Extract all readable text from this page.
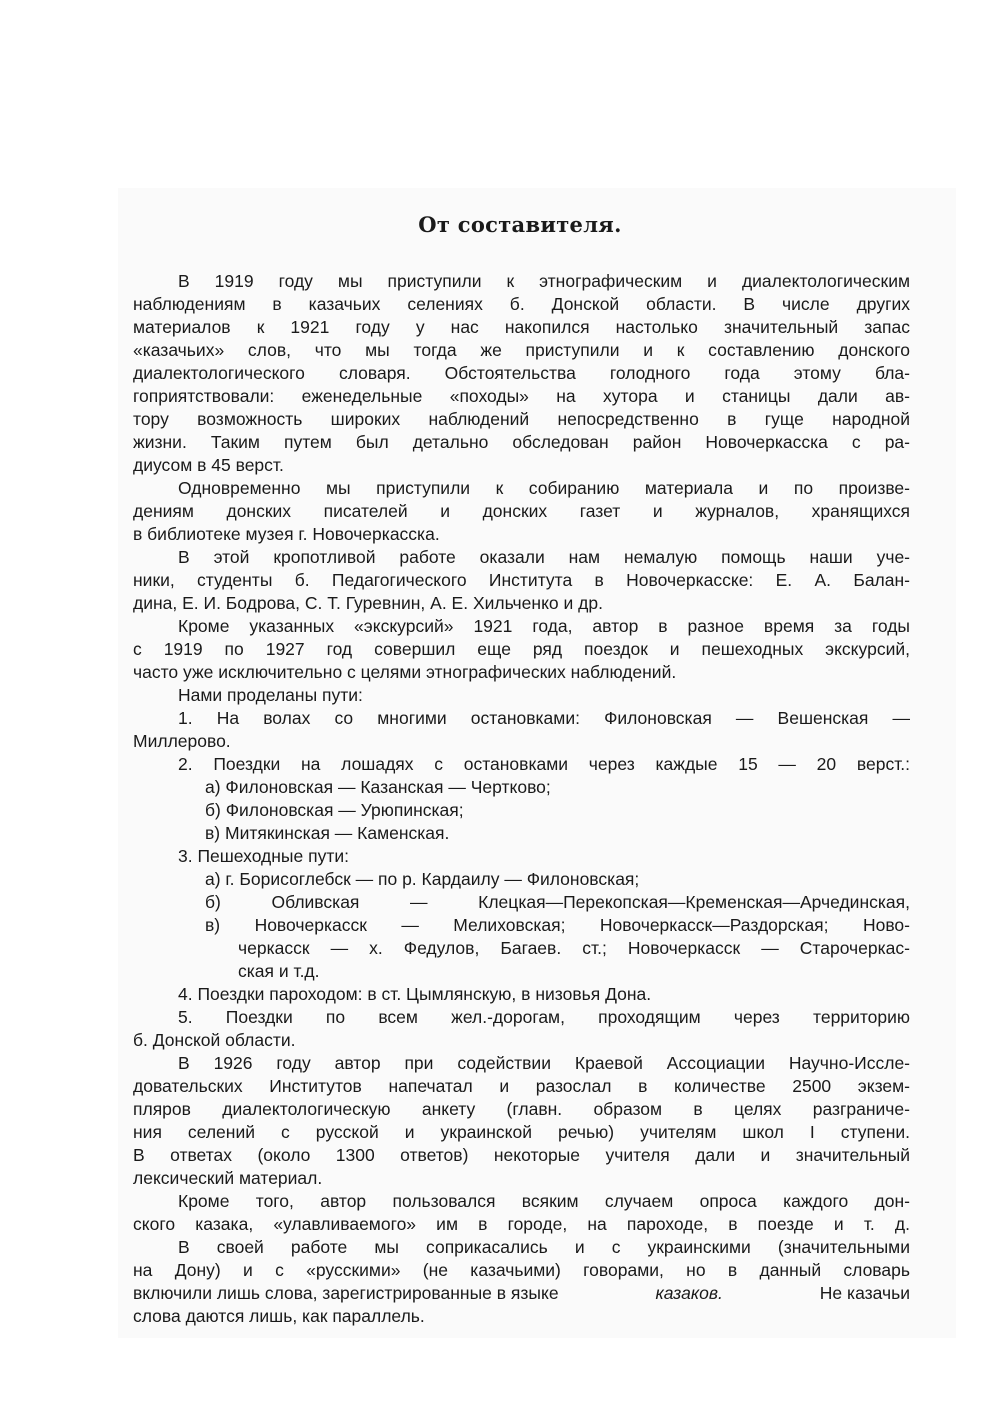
От составителя.
В 1919 году мы приступили к этнографическим и диалектологическим
наблюдениям в казачьих селениях б. Донской области. В числе других
материалов к 1921 году у нас накопился настолько значительный запас
«казачьих» слов, что мы тогда же приступили и к составлению донского
диалектологического словаря. Обстоятельства голодного года этому бла-
гоприятствовали: еженедельные «походы» на хутора и станицы дали ав-
тору возможность широких наблюдений непосредственно в гуще народной
жизни. Таким путем был детально обследован район Новочеркасска с ра-
диусом в 45 верст.
Одновременно мы приступили к собиранию материала и по произве-
дениям донских писателей и донских газет и журналов, хранящихся
в библиотеке музея г. Новочеркасска.
В этой кропотливой работе оказали нам немалую помощь наши уче-
ники, студенты б. Педагогического Института в Новочеркасске: Е. А. Балан-
дина, Е. И. Бодрова, С. Т. Гуревнин, А. Е. Хильченко и др.
Кроме указанных «экскурсий» 1921 года, автор в разное время за годы
с 1919 по 1927 год совершил еще ряд поездок и пешеходных экскурсий,
часто уже исключительно с целями этнографических наблюдений.
Нами проделаны пути:
1. На волах со многими остановками: Филоновская — Вешенская —
Миллерово.
2. Поездки на лошадях с остановками через каждые 15 — 20 верст.:
а) Филоновская — Казанская — Чертково;
б) Филоновская — Урюпинская;
в) Митякинская — Каменская.
3. Пешеходные пути:
а) г. Борисоглебск — по р. Кардаилу — Филоновская;
б) Обливская — Клецкая—Перекопская—Кременская—Арчединская,
в) Новочеркасск — Мелиховская; Новочеркасск—Раздорская; Ново-
черкасск — х. Федулов, Багаев. ст.; Новочеркасск — Старочеркас-
ская и т.д.
4. Поездки пароходом: в ст. Цымлянскую, в низовья Дона.
5. Поездки по всем жел.-дорогам, проходящим через территорию
б. Донской области.
В 1926 году автор при содействии Краевой Ассоциации Научно-Иссле-
довательских Институтов напечатал и разослал в количестве 2500 экзем-
пляров диалектологическую анкету (главн. образом в целях разграниче-
ния селений с русской и украинской речью) учителям школ I ступени.
В ответах (около 1300 ответов) некоторые учителя дали и значительный
лексический материал.
Кроме того, автор пользовался всяким случаем опроса каждого дон-
ского казака, «улавливаемого» им в городе, на пароходе, в поезде и т. д.
В своей работе мы соприкасались и с украинскими (значительными
на Дону) и с «русскими» (не казачьими) говорами, но в данный словарь
включили лишь слова, зарегистрированные в языке	казаков.	Не казачьи
слова даются лишь, как параллель.
